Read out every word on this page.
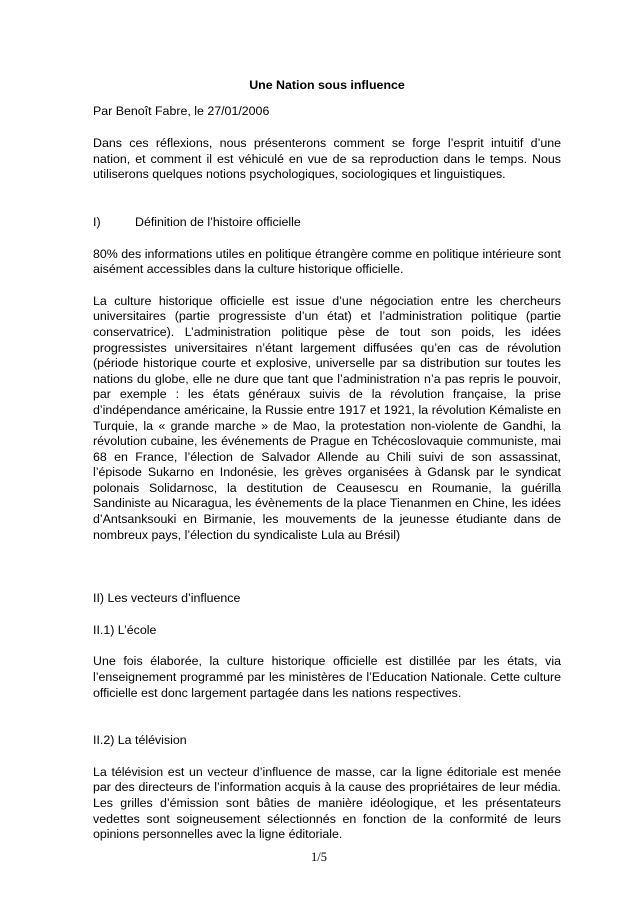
Une Nation sous influence
Par Benoît Fabre, le 27/01/2006
Dans ces réflexions, nous présenterons comment se forge l’esprit intuitif d’une nation, et comment il est véhiculé en vue de sa reproduction dans le temps. Nous utiliserons quelques notions psychologiques, sociologiques et linguistiques.
I)	Définition de l’histoire officielle
80% des informations utiles en politique étrangère comme en politique intérieure sont aisément accessibles dans la culture historique officielle.
La culture historique officielle est issue d’une négociation entre les chercheurs universitaires (partie progressiste d’un état) et l’administration politique (partie conservatrice). L’administration politique pèse de tout son poids, les idées progressistes universitaires n’étant largement diffusées qu’en cas de révolution (période historique courte et explosive, universelle par sa distribution sur toutes les nations du globe, elle ne dure que tant que l’administration n’a pas repris le pouvoir, par exemple : les états généraux suivis de la révolution française, la prise d’indépendance américaine, la Russie entre 1917 et 1921, la révolution Kémaliste en Turquie, la « grande marche » de Mao, la protestation non-violente de Gandhi, la révolution cubaine, les événements de Prague en Tchécoslovaquie communiste, mai 68 en France, l’élection de Salvador Allende au Chili suivi de son assassinat, l’épisode Sukarno en Indonésie, les grèves organisées à Gdansk par le syndicat polonais Solidarnosc, la destitution de Ceausescu en Roumanie, la guérilla Sandiniste au Nicaragua, les évènements de la place Tienanmen en Chine, les idées d’Antsanksouki en Birmanie, les mouvements de la jeunesse étudiante dans de nombreux pays, l’élection du syndicaliste Lula au Brésil)
II) Les vecteurs d’influence
II.1) L’école
Une fois élaborée, la culture historique officielle est distillée par les états, via l’enseignement programmé par les ministères de l’Education Nationale. Cette culture officielle est donc largement partagée dans les nations respectives.
II.2) La télévision
La télévision est un vecteur d’influence de masse, car la ligne éditoriale est menée par des directeurs de l’information acquis à la cause des propriétaires de leur média. Les grilles d’émission sont bâties de manière idéologique, et les présentateurs vedettes sont soigneusement sélectionnés en fonction de la conformité de leurs opinions personnelles avec la ligne éditoriale.
1/5
